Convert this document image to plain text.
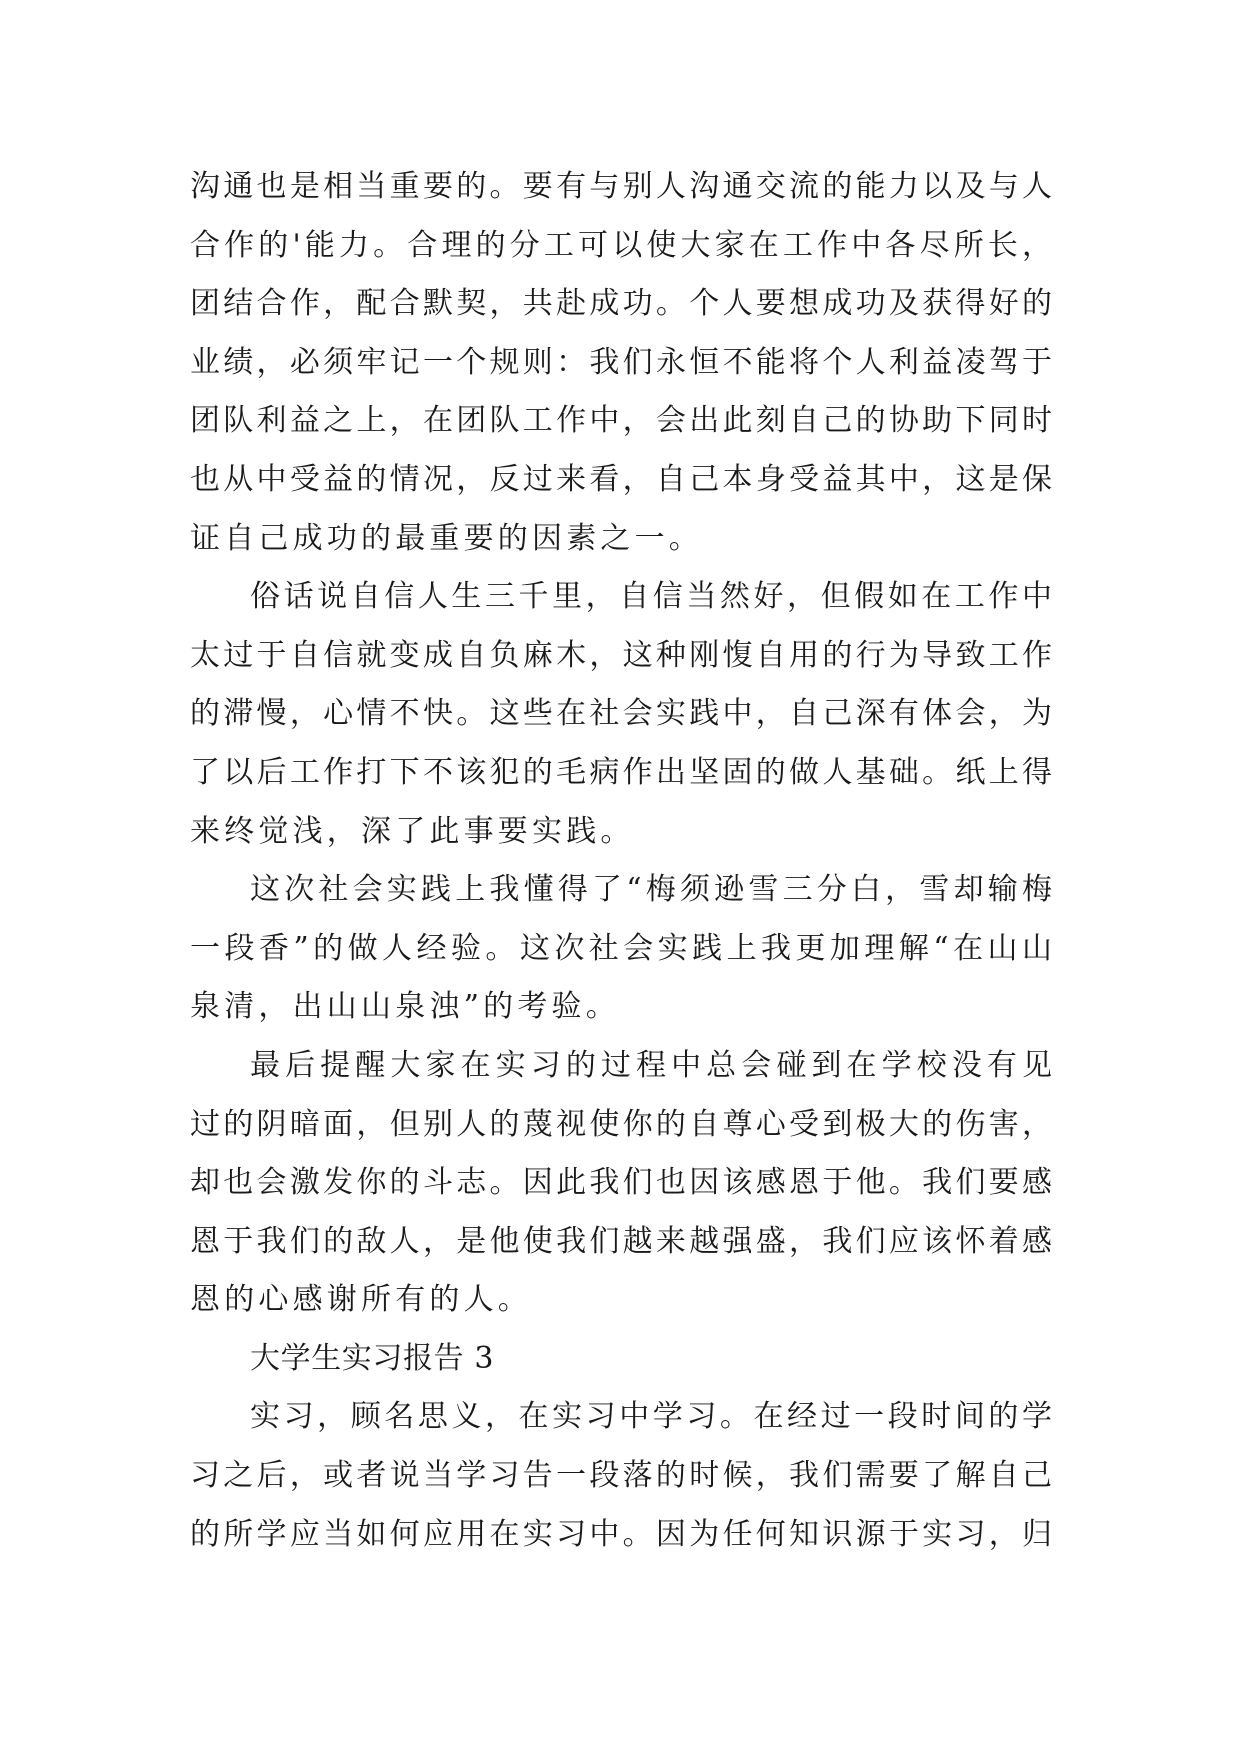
沟通也是相当重要的。要有与别人沟通交流的能力以及与人
合作的'能力。合理的分工可以使大家在工作中各尽所长，
团结合作，配合默契，共赴成功。个人要想成功及获得好的
业绩，必须牢记一个规则：我们永恒不能将个人利益凌驾于
团队利益之上，在团队工作中，会出此刻自己的协助下同时
也从中受益的情况，反过来看，自己本身受益其中，这是保
证自己成功的最重要的因素之一。
俗话说自信人生三千里，自信当然好，但假如在工作中
太过于自信就变成自负麻木，这种刚愎自用的行为导致工作
的滞慢，心情不快。这些在社会实践中，自己深有体会，为
了以后工作打下不该犯的毛病作出坚固的做人基础。纸上得
来终觉浅，深了此事要实践。
这次社会实践上我懂得了“梅须逊雪三分白，雪却输梅
一段香”的做人经验。这次社会实践上我更加理解“在山山
泉清，出山山泉浊”的考验。
最后提醒大家在实习的过程中总会碰到在学校没有见
过的阴暗面，但别人的蔑视使你的自尊心受到极大的伤害，
却也会激发你的斗志。因此我们也因该感恩于他。我们要感
恩于我们的敌人，是他使我们越来越强盛，我们应该怀着感
恩的心感谢所有的人。
大学生实习报告 3
实习，顾名思义，在实习中学习。在经过一段时间的学
习之后，或者说当学习告一段落的时候，我们需要了解自己
的所学应当如何应用在实习中。因为任何知识源于实习，归
